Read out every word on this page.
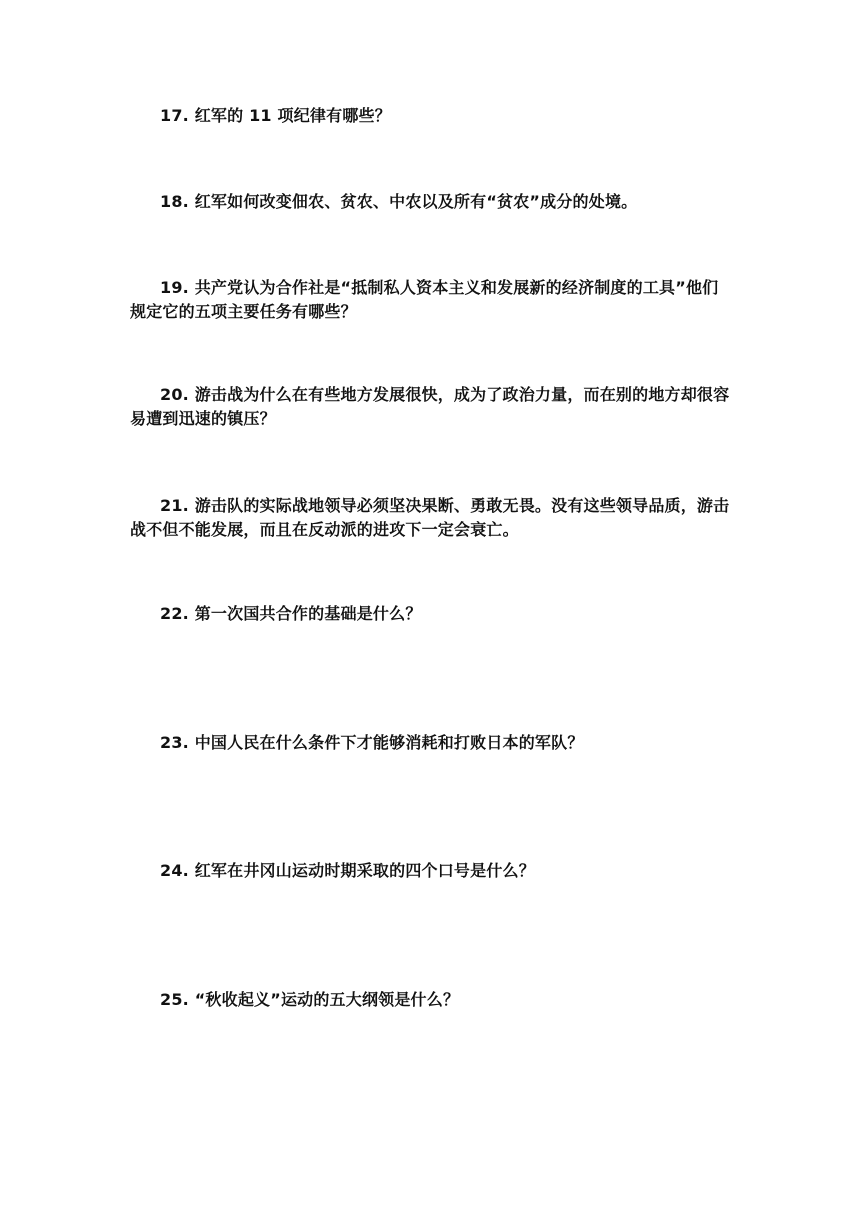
17. 红军的 11 项纪律有哪些？

18. 红军如何改变佃农、贫农、中农以及所有“贫农”成分的处境。

19. 共产党认为合作社是“抵制私人资本主义和发展新的经济制度的工具”他们规定它的五项主要任务有哪些？

20. 游击战为什么在有些地方发展很快，成为了政治力量，而在别的地方却很容易遭到迅速的镇压？

21. 游击队的实际战地领导必须坚决果断、勇敢无畏。没有这些领导品质，游击战不但不能发展，而且在反动派的进攻下一定会衰亡。

22. 第一次国共合作的基础是什么？

23. 中国人民在什么条件下才能够消耗和打败日本的军队？

24. 红军在井冈山运动时期采取的四个口号是什么？

25. “秋收起义”运动的五大纲领是什么？
